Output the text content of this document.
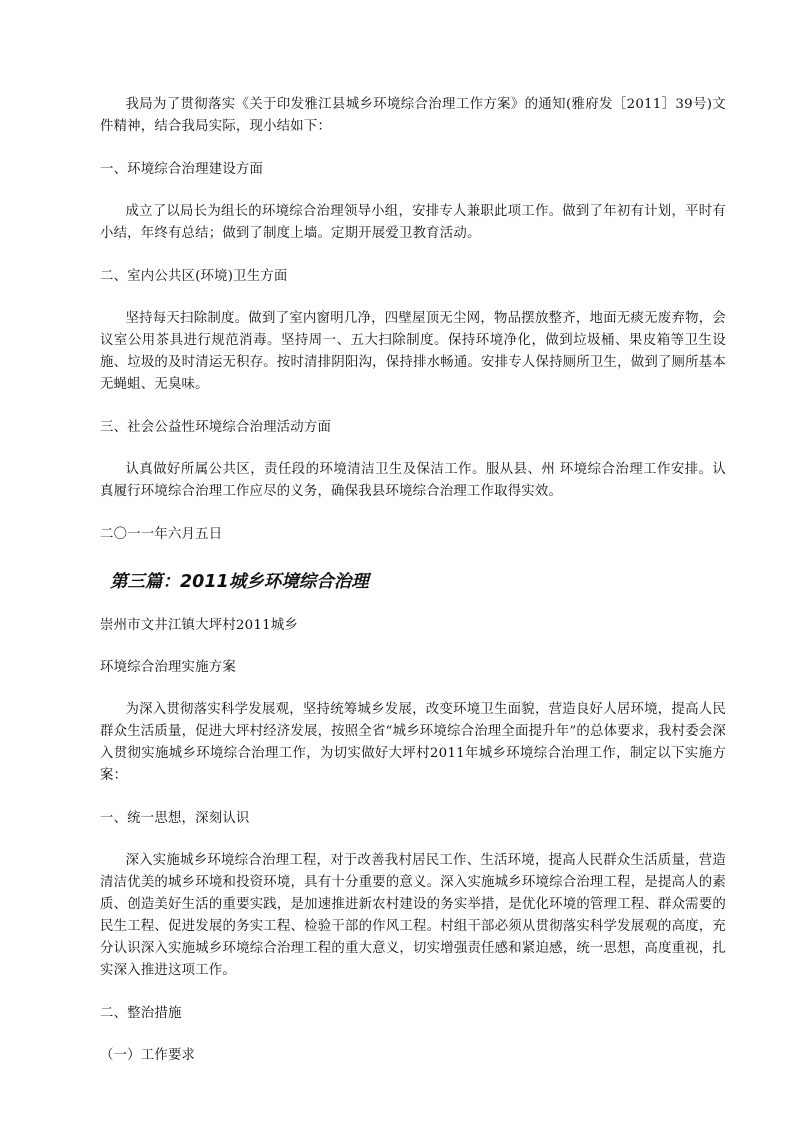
我局为了贯彻落实《关于印发雅江县城乡环境综合治理工作方案》的通知(雅府发［2011］39号)文件精神，结合我局实际，现小结如下：

一、环境综合治理建设方面

成立了以局长为组长的环境综合治理领导小组，安排专人兼职此项工作。做到了年初有计划，平时有小结，年终有总结；做到了制度上墙。定期开展爱卫教育活动。

二、室内公共区(环境)卫生方面

坚持每天扫除制度。做到了室内窗明几净，四壁屋顶无尘网，物品摆放整齐，地面无痰无废弃物，会议室公用茶具进行规范消毒。坚持周一、五大扫除制度。保持环境净化，做到垃圾桶、果皮箱等卫生设施、垃圾的及时清运无积存。按时清排阴阳沟，保持排水畅通。安排专人保持厕所卫生，做到了厕所基本无蝇蛆、无臭味。

三、社会公益性环境综合治理活动方面

认真做好所属公共区，责任段的环境清洁卫生及保洁工作。服从县、州 环境综合治理工作安排。认真履行环境综合治理工作应尽的义务，确保我县环境综合治理工作取得实效。

二〇一一年六月五日

第三篇：2011城乡环境综合治理

崇州市文井江镇大坪村2011城乡

环境综合治理实施方案

为深入贯彻落实科学发展观，坚持统筹城乡发展，改变环境卫生面貌，营造良好人居环境，提高人民群众生活质量，促进大坪村经济发展，按照全省“城乡环境综合治理全面提升年”的总体要求，我村委会深入贯彻实施城乡环境综合治理工作，为切实做好大坪村2011年城乡环境综合治理工作，制定以下实施方案：

一、统一思想，深刻认识

深入实施城乡环境综合治理工程，对于改善我村居民工作、生活环境，提高人民群众生活质量，营造清洁优美的城乡环境和投资环境，具有十分重要的意义。深入实施城乡环境综合治理工程，是提高人的素质、创造美好生活的重要实践，是加速推进新农村建设的务实举措，是优化环境的管理工程、群众需要的民生工程、促进发展的务实工程、检验干部的作风工程。村组干部必须从贯彻落实科学发展观的高度，充分认识深入实施城乡环境综合治理工程的重大意义，切实增强责任感和紧迫感，统一思想，高度重视，扎实深入推进这项工作。

二、整治措施

（一）工作要求
